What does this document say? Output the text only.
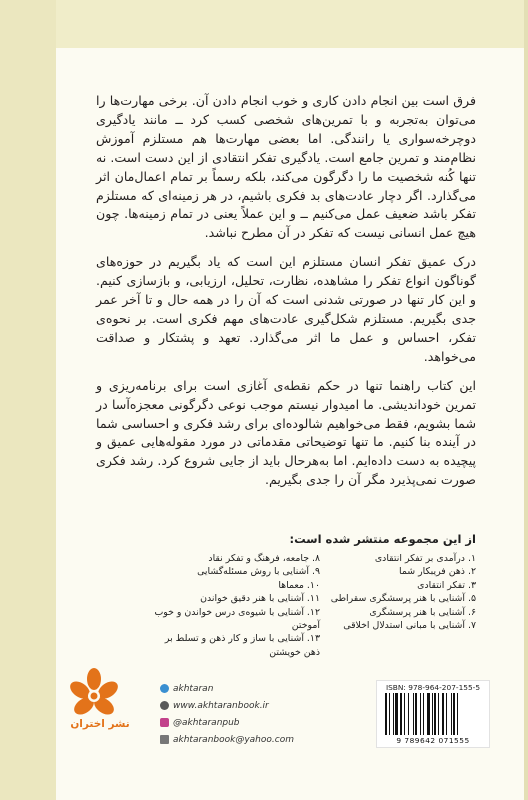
فرق است بین انجام دادن کاری و خوب انجام دادن آن. برخی مهارت‌ها را می‌توان به‌تجربه و با تمرین‌های شخصی کسب کرد ــ مانند یادگیری دوچرخه‌سواری یا رانندگی. اما بعضی مهارت‌ها هم مستلزم آموزش نظام‌مند و تمرین جامع است. یادگیری تفکر انتقادی از این دست است. نه تنها کُنه شخصیت ما را دگرگون می‌کند، بلکه رسماً بر تمام اعمال‌مان اثر می‌گذارد. اگر دچار عادت‌های بد فکری باشیم، در هر زمینه‌ای که مستلزم تفکر باشد ضعیف عمل می‌کنیم ــ و این عملاً یعنی در تمام زمینه‌ها. چون هیچ عمل انسانی نیست که تفکر در آن مطرح نباشد.

درک عمیق تفکر انسان مستلزم این است که یاد بگیریم در حوزه‌های گوناگون انواع تفکر را مشاهده، نظارت، تحلیل، ارزیابی، و بازسازی کنیم. و این کار تنها در صورتی شدنی است که آن را در همه حال و تا آخر عمر جدی بگیریم. مستلزم شکل‌گیری عادت‌های مهم فکری است. بر نحوه‌ی تفکر، احساس و عمل ما اثر می‌گذارد. تعهد و پشتکار و صداقت می‌خواهد.

این کتاب راهنما تنها در حکم نقطه‌ی آغازی است برای برنامه‌ریزی و تمرین خوداندیشی. ما امیدوار نیستم موجب نوعی دگرگونی معجزه‌آسا در شما بشویم، فقط می‌خواهیم شالوده‌ای برای رشد فکری و احساسی شما در آینده بنا کنیم. ما تنها توضیحاتی مقدماتی در مورد مقوله‌هایی عمیق و پیچیده به دست داده‌ایم. اما به‌هرحال باید از جایی شروع کرد. رشد فکری صورت نمی‌پذیرد مگر آن را جدی بگیریم.

از این مجموعه منتشر شده است:
۱. درآمدی بر تفکر انتقادی
۲. ذهن فریبکار شما
۳. تفکر انتقادی
۵. آشنایی با هنر پرسشگری سقراطی
۶. آشنایی با هنر پرسشگری
۷. آشنایی با مبانی استدلال اخلاقی
۸. جامعه، فرهنگ و تفکر نقاد
۹. آشنایی با روش مسئله‌گشایی
۱۰. معماها
۱۱. آشنایی با هنر دقیق خواندن
۱۲. آشنایی با شیوه‌ی درس خواندن و خوب آموختن
۱۳. آشنایی با ساز و کار ذهن و تسلط بر ذهن خویشتن
نشر اختران
akhtaran
www.akhtaranbook.ir
@akhtaranpub
akhtaranbook@yahoo.com
ISBN: 978-964-207-155-5
9 789642 071555
